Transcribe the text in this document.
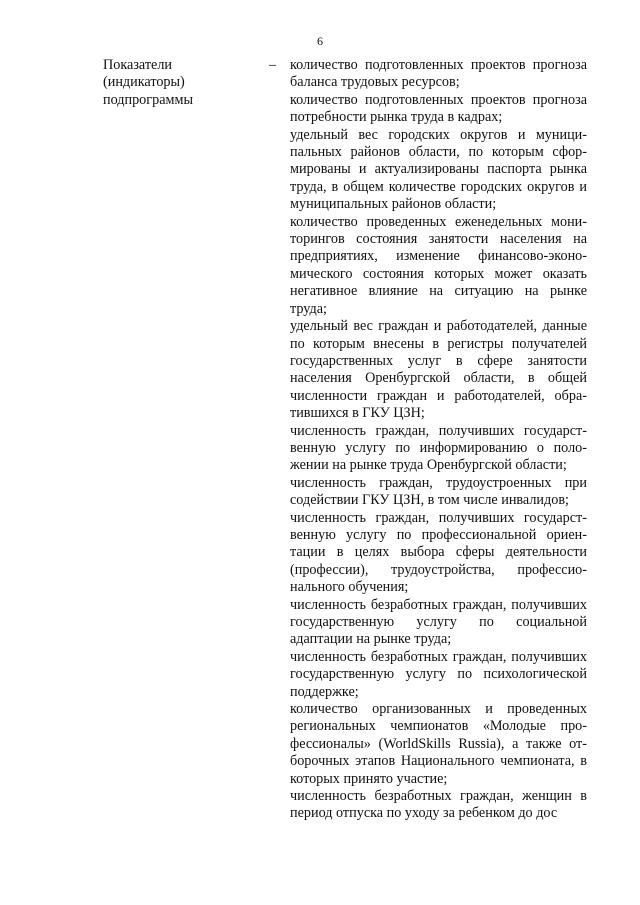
6
Показатели
(индикаторы)
подпрограммы
– количество подготовленных проектов прогноза баланса трудовых ресурсов;

количество подготовленных проектов прогноза потребности рынка труда в кадрах;

удельный вес городских округов и муниципальных районов области, по которым сформированы и актуализированы паспорта рынка труда, в общем количестве городских округов и муниципальных районов области;

количество проведенных еженедельных мониторингов состояния занятости населения на предприятиях, изменение финансово-экономического состояния которых может оказать негативное влияние на ситуацию на рынке труда;

удельный вес граждан и работодателей, данные по которым внесены в регистры получателей государственных услуг в сфере занятости населения Оренбургской области, в общей численности граждан и работодателей, обратившихся в ГКУ ЦЗН;

численность граждан, получивших государственную услугу по информированию о положении на рынке труда Оренбургской области;

численность граждан, трудоустроенных при содействии ГКУ ЦЗН, в том числе инвалидов;

численность граждан, получивших государственную услугу по профессиональной ориентации в целях выбора сферы деятельности (профессии), трудоустройства, профессионального обучения;

численность безработных граждан, получивших государственную услугу по социальной адаптации на рынке труда;

численность безработных граждан, получивших государственную услугу по психологической поддержке;

количество организованных и проведенных региональных чемпионатов «Молодые профессионалы» (WorldSkills Russia), а также отборочных этапов Национального чемпионата, в которых принято участие;

численность безработных граждан, женщин в период отпуска по уходу за ребенком до дос
